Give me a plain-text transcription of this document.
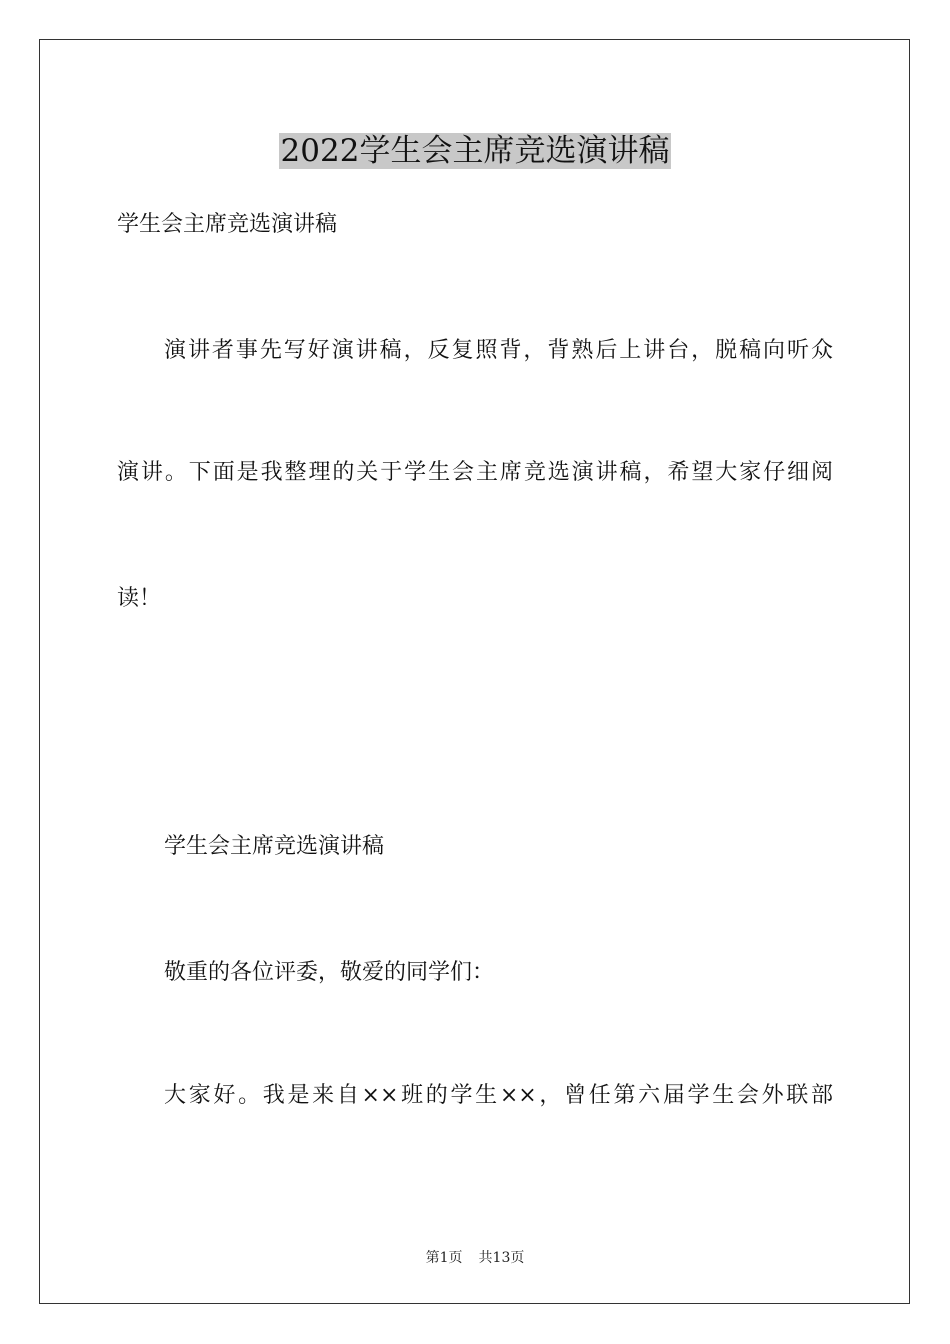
2022学生会主席竞选演讲稿
学生会主席竞选演讲稿
演讲者事先写好演讲稿，反复照背，背熟后上讲台，脱稿向听众
演讲。下面是我整理的关于学生会主席竞选演讲稿，希望大家仔细阅
读！
学生会主席竞选演讲稿
敬重的各位评委，敬爱的同学们：
大家好。我是来自××班的学生××，曾任第六届学生会外联部
第1页 共13页
